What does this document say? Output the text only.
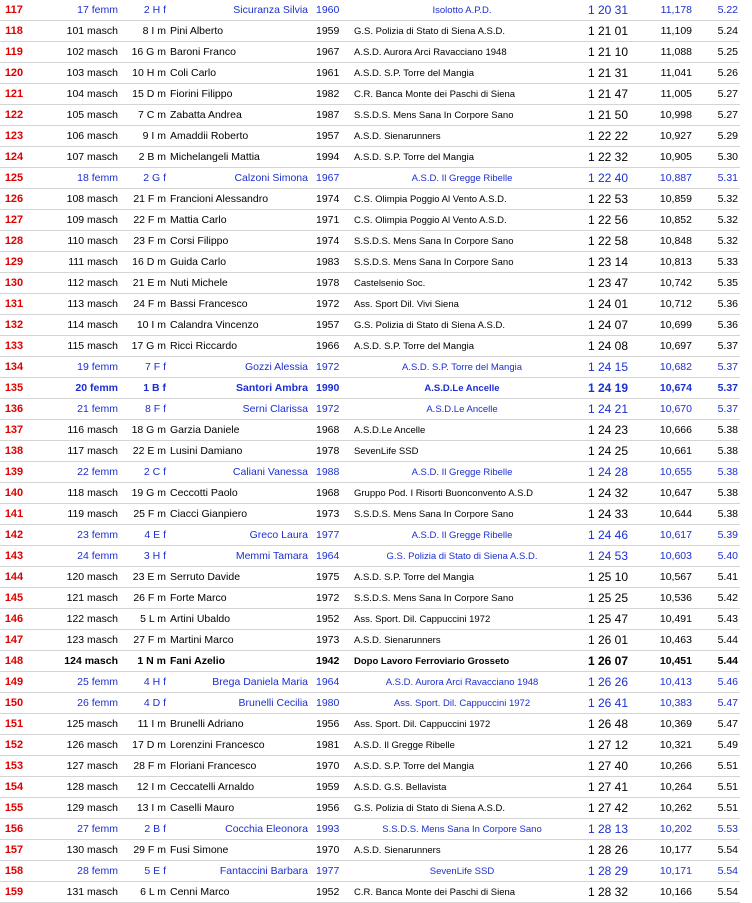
117	17 femm	2 H f	Sicuranza Silvia	1960	Isolotto A.P.D.	1 20 31	11,178	5.22
118	101 masch	8 I m	Pini Alberto	1959	G.S. Polizia di Stato di Siena A.S.D.	1 21 01	11,109	5.24
119	102 masch	16 G m	Baroni Franco	1967	A.S.D. Aurora Arci Ravacciano 1948	1 21 10	11,088	5.25
120	103 masch	10 H m	Coli Carlo	1961	A.S.D. S.P. Torre del Mangia	1 21 31	11,041	5.26
121	104 masch	15 D m	Fiorini Filippo	1982	C.R. Banca Monte dei Paschi di Siena	1 21 47	11,005	5.27
122	105 masch	7 C m	Zabatta Andrea	1987	S.S.D.S. Mens Sana In Corpore Sano	1 21 50	10,998	5.27
123	106 masch	9 I m	Amaddii Roberto	1957	A.S.D. Sienarunners	1 22 22	10,927	5.29
124	107 masch	2 B m	Michelangeli Mattia	1994	A.S.D. S.P. Torre del Mangia	1 22 32	10,905	5.30
125	18 femm	2 G f	Calzoni Simona	1967	A.S.D. Il Gregge Ribelle	1 22 40	10,887	5.31
126	108 masch	21 F m	Francioni Alessandro	1974	C.S. Olimpia Poggio Al Vento A.S.D.	1 22 53	10,859	5.32
127	109 masch	22 F m	Mattia Carlo	1971	C.S. Olimpia Poggio Al Vento A.S.D.	1 22 56	10,852	5.32
128	110 masch	23 F m	Corsi Filippo	1974	S.S.D.S. Mens Sana In Corpore Sano	1 22 58	10,848	5.32
129	111 masch	16 D m	Guida Carlo	1983	S.S.D.S. Mens Sana In Corpore Sano	1 23 14	10,813	5.33
130	112 masch	21 E m	Nuti Michele	1978	Castelsenio Soc.	1 23 47	10,742	5.35
131	113 masch	24 F m	Bassi Francesco	1972	Ass. Sport Dil. Vivi Siena	1 24 01	10,712	5.36
132	114 masch	10 I m	Calandra Vincenzo	1957	G.S. Polizia di Stato di Siena A.S.D.	1 24 07	10,699	5.36
133	115 masch	17 G m	Ricci Riccardo	1966	A.S.D. S.P. Torre del Mangia	1 24 08	10,697	5.37
134	19 femm	7 F f	Gozzi Alessia	1972	A.S.D. S.P. Torre del Mangia	1 24 15	10,682	5.37
135	20 femm	1 B f	Santori Ambra	1990	A.S.D.Le Ancelle	1 24 19	10,674	5.37
136	21 femm	8 F f	Serni Clarissa	1972	A.S.D.Le Ancelle	1 24 21	10,670	5.37
137	116 masch	18 G m	Garzia Daniele	1968	A.S.D.Le Ancelle	1 24 23	10,666	5.38
138	117 masch	22 E m	Lusini Damiano	1978	SevenLife SSD	1 24 25	10,661	5.38
139	22 femm	2 C f	Caliani Vanessa	1988	A.S.D. Il Gregge Ribelle	1 24 28	10,655	5.38
140	118 masch	19 G m	Ceccotti Paolo	1968	Gruppo Pod. I Risorti Buonconvento A.S.D	1 24 32	10,647	5.38
141	119 masch	25 F m	Ciacci Gianpiero	1973	S.S.D.S. Mens Sana In Corpore Sano	1 24 33	10,644	5.38
142	23 femm	4 E f	Greco Laura	1977	A.S.D. Il Gregge Ribelle	1 24 46	10,617	5.39
143	24 femm	3 H f	Memmi Tamara	1964	G.S. Polizia di Stato di Siena A.S.D.	1 24 53	10,603	5.40
144	120 masch	23 E m	Serruto Davide	1975	A.S.D. S.P. Torre del Mangia	1 25 10	10,567	5.41
145	121 masch	26 F m	Forte Marco	1972	S.S.D.S. Mens Sana In Corpore Sano	1 25 25	10,536	5.42
146	122 masch	5 L m	Artini Ubaldo	1952	Ass. Sport. Dil. Cappuccini 1972	1 25 47	10,491	5.43
147	123 masch	27 F m	Martini Marco	1973	A.S.D. Sienarunners	1 26 01	10,463	5.44
148	124 masch	1 N m	Fani Azelio	1942	Dopo Lavoro Ferroviario Grosseto	1 26 07	10,451	5.44
149	25 femm	4 H f	Brega Daniela Maria	1964	A.S.D. Aurora Arci Ravacciano 1948	1 26 26	10,413	5.46
150	26 femm	4 D f	Brunelli Cecilia	1980	Ass. Sport. Dil. Cappuccini 1972	1 26 41	10,383	5.47
151	125 masch	11 I m	Brunelli Adriano	1956	Ass. Sport. Dil. Cappuccini 1972	1 26 48	10,369	5.47
152	126 masch	17 D m	Lorenzini Francesco	1981	A.S.D. Il Gregge Ribelle	1 27 12	10,321	5.49
153	127 masch	28 F m	Floriani Francesco	1970	A.S.D. S.P. Torre del Mangia	1 27 40	10,266	5.51
154	128 masch	12 I m	Ceccatelli Arnaldo	1959	A.S.D. G.S. Bellavista	1 27 41	10,264	5.51
155	129 masch	13 I m	Caselli Mauro	1956	G.S. Polizia di Stato di Siena A.S.D.	1 27 42	10,262	5.51
156	27 femm	2 B f	Cocchia Eleonora	1993	S.S.D.S. Mens Sana In Corpore Sano	1 28 13	10,202	5.53
157	130 masch	29 F m	Fusi Simone	1970	A.S.D. Sienarunners	1 28 26	10,177	5.54
158	28 femm	5 E f	Fantaccini Barbara	1977	SevenLife SSD	1 28 29	10,171	5.54
159	131 masch	6 L m	Cenni Marco	1952	C.R. Banca Monte dei Paschi di Siena	1 28 32	10,166	5.54
